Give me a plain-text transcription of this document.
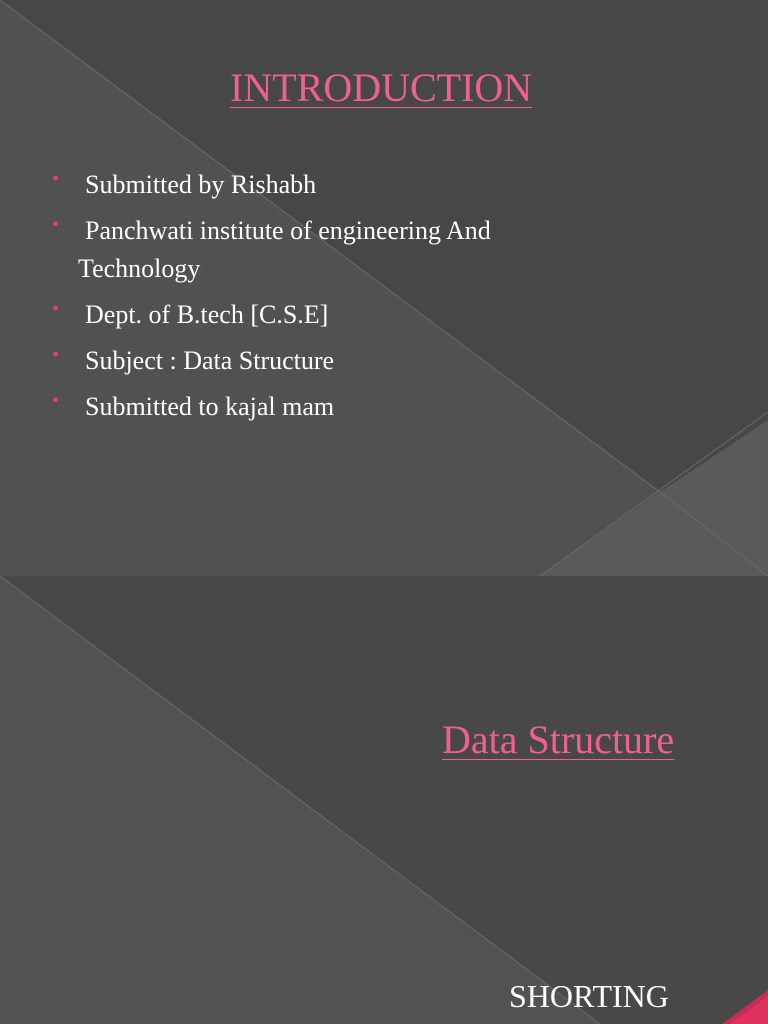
INTRODUCTION
• Submitted by Rishabh
• Panchwati institute of engineering And
Technology
• Dept. of B.tech [C.S.E]
• Subject : Data Structure
• Submitted to kajal mam
Data Structure
SHORTING
